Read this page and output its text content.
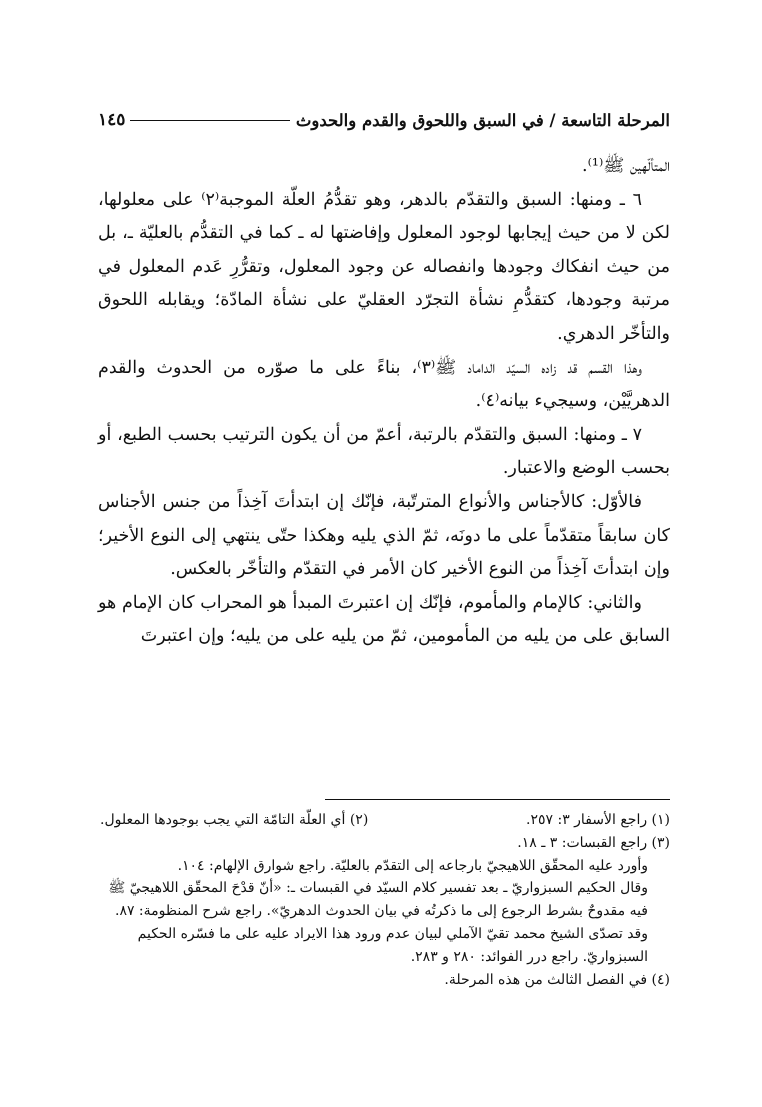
المرحلة التاسعة / في السبق واللحوق والقدم والحدوث
١٤٥

المتألّهين ﷺ⁽¹⁾.

٦ ـ ومنها: السبق والتقدّم بالدهر، وهو تقدُّمُ العلّة الموجبة⁽٢⁾ على معلولها، لكن لا من حيث إيجابها لوجود المعلول وإفاضتها له ـ كما في التقدُّم بالعليّة ـ، بل من حيث انفكاك وجودها وانفصاله عن وجود المعلول، وتقرُّرِ عَدم المعلول في مرتبة وجودها، كتقدُّمِ نشأة التجرّد العقليّ على نشأة المادّة؛ ويقابله اللحوق والتأخّر الدهري.

وهذا القسم قد زاده السيّد الداماد ﷺ⁽٣⁾، بناءً على ما صوّره من الحدوث والقدم الدهريَّيْن، وسيجيء بيانه⁽٤⁾.

٧ ـ ومنها: السبق والتقدّم بالرتبة، أعمّ من أن يكون الترتيب بحسب الطبع، أو بحسب الوضع والاعتبار.

فالأوّل: كالأجناس والأنواع المترتّبة، فإنّك إن ابتدأتَ آخِذاً من جنس الأجناس كان سابقاً متقدّماً على ما دونَه، ثمّ الذي يليه وهكذا حتّى ينتهي إلى النوع الأخير؛ وإن ابتدأتَ آخِذاً من النوع الأخير كان الأمر في التقدّم والتأخّر بالعكس.

والثاني: كالإمام والمأموم، فإنّك إن اعتبرتَ المبدأ هو المحراب كان الإمام هو السابق على من يليه من المأمومين، ثمّ من يليه على من يليه؛ وإن اعتبرتَ

(١) راجع الأسفار ٣: ٢٥٧.
(٢) أي العلّة التامّة التي يجب بوجودها المعلول.

(٣) راجع القبسات: ٣ ـ ١٨.

وأورد عليه المحقّق اللاهيجيّ بارجاعه إلى التقدّم بالعليّة. راجع شوارق الإلهام: ١٠٤.

وقال الحكيم السبزواريّ ـ بعد تفسير كلام السيّد في القبسات ـ: «أنّ قدْحَ المحقّق اللاهيجيّ ﷺ فيه مقدوحٌ بشرط الرجوع إلى ما ذكرتُه في بيان الحدوث الدهريّ». راجع شرح المنظومة: ٨٧.

وقد تصدّى الشيخ محمد تقيّ الآملي لبيان عدم ورود هذا الايراد عليه على ما فسّره الحكيم السبزواريّ. راجع درر الفوائد: ٢٨٠ و ٢٨٣.

(٤) في الفصل الثالث من هذه المرحلة.
